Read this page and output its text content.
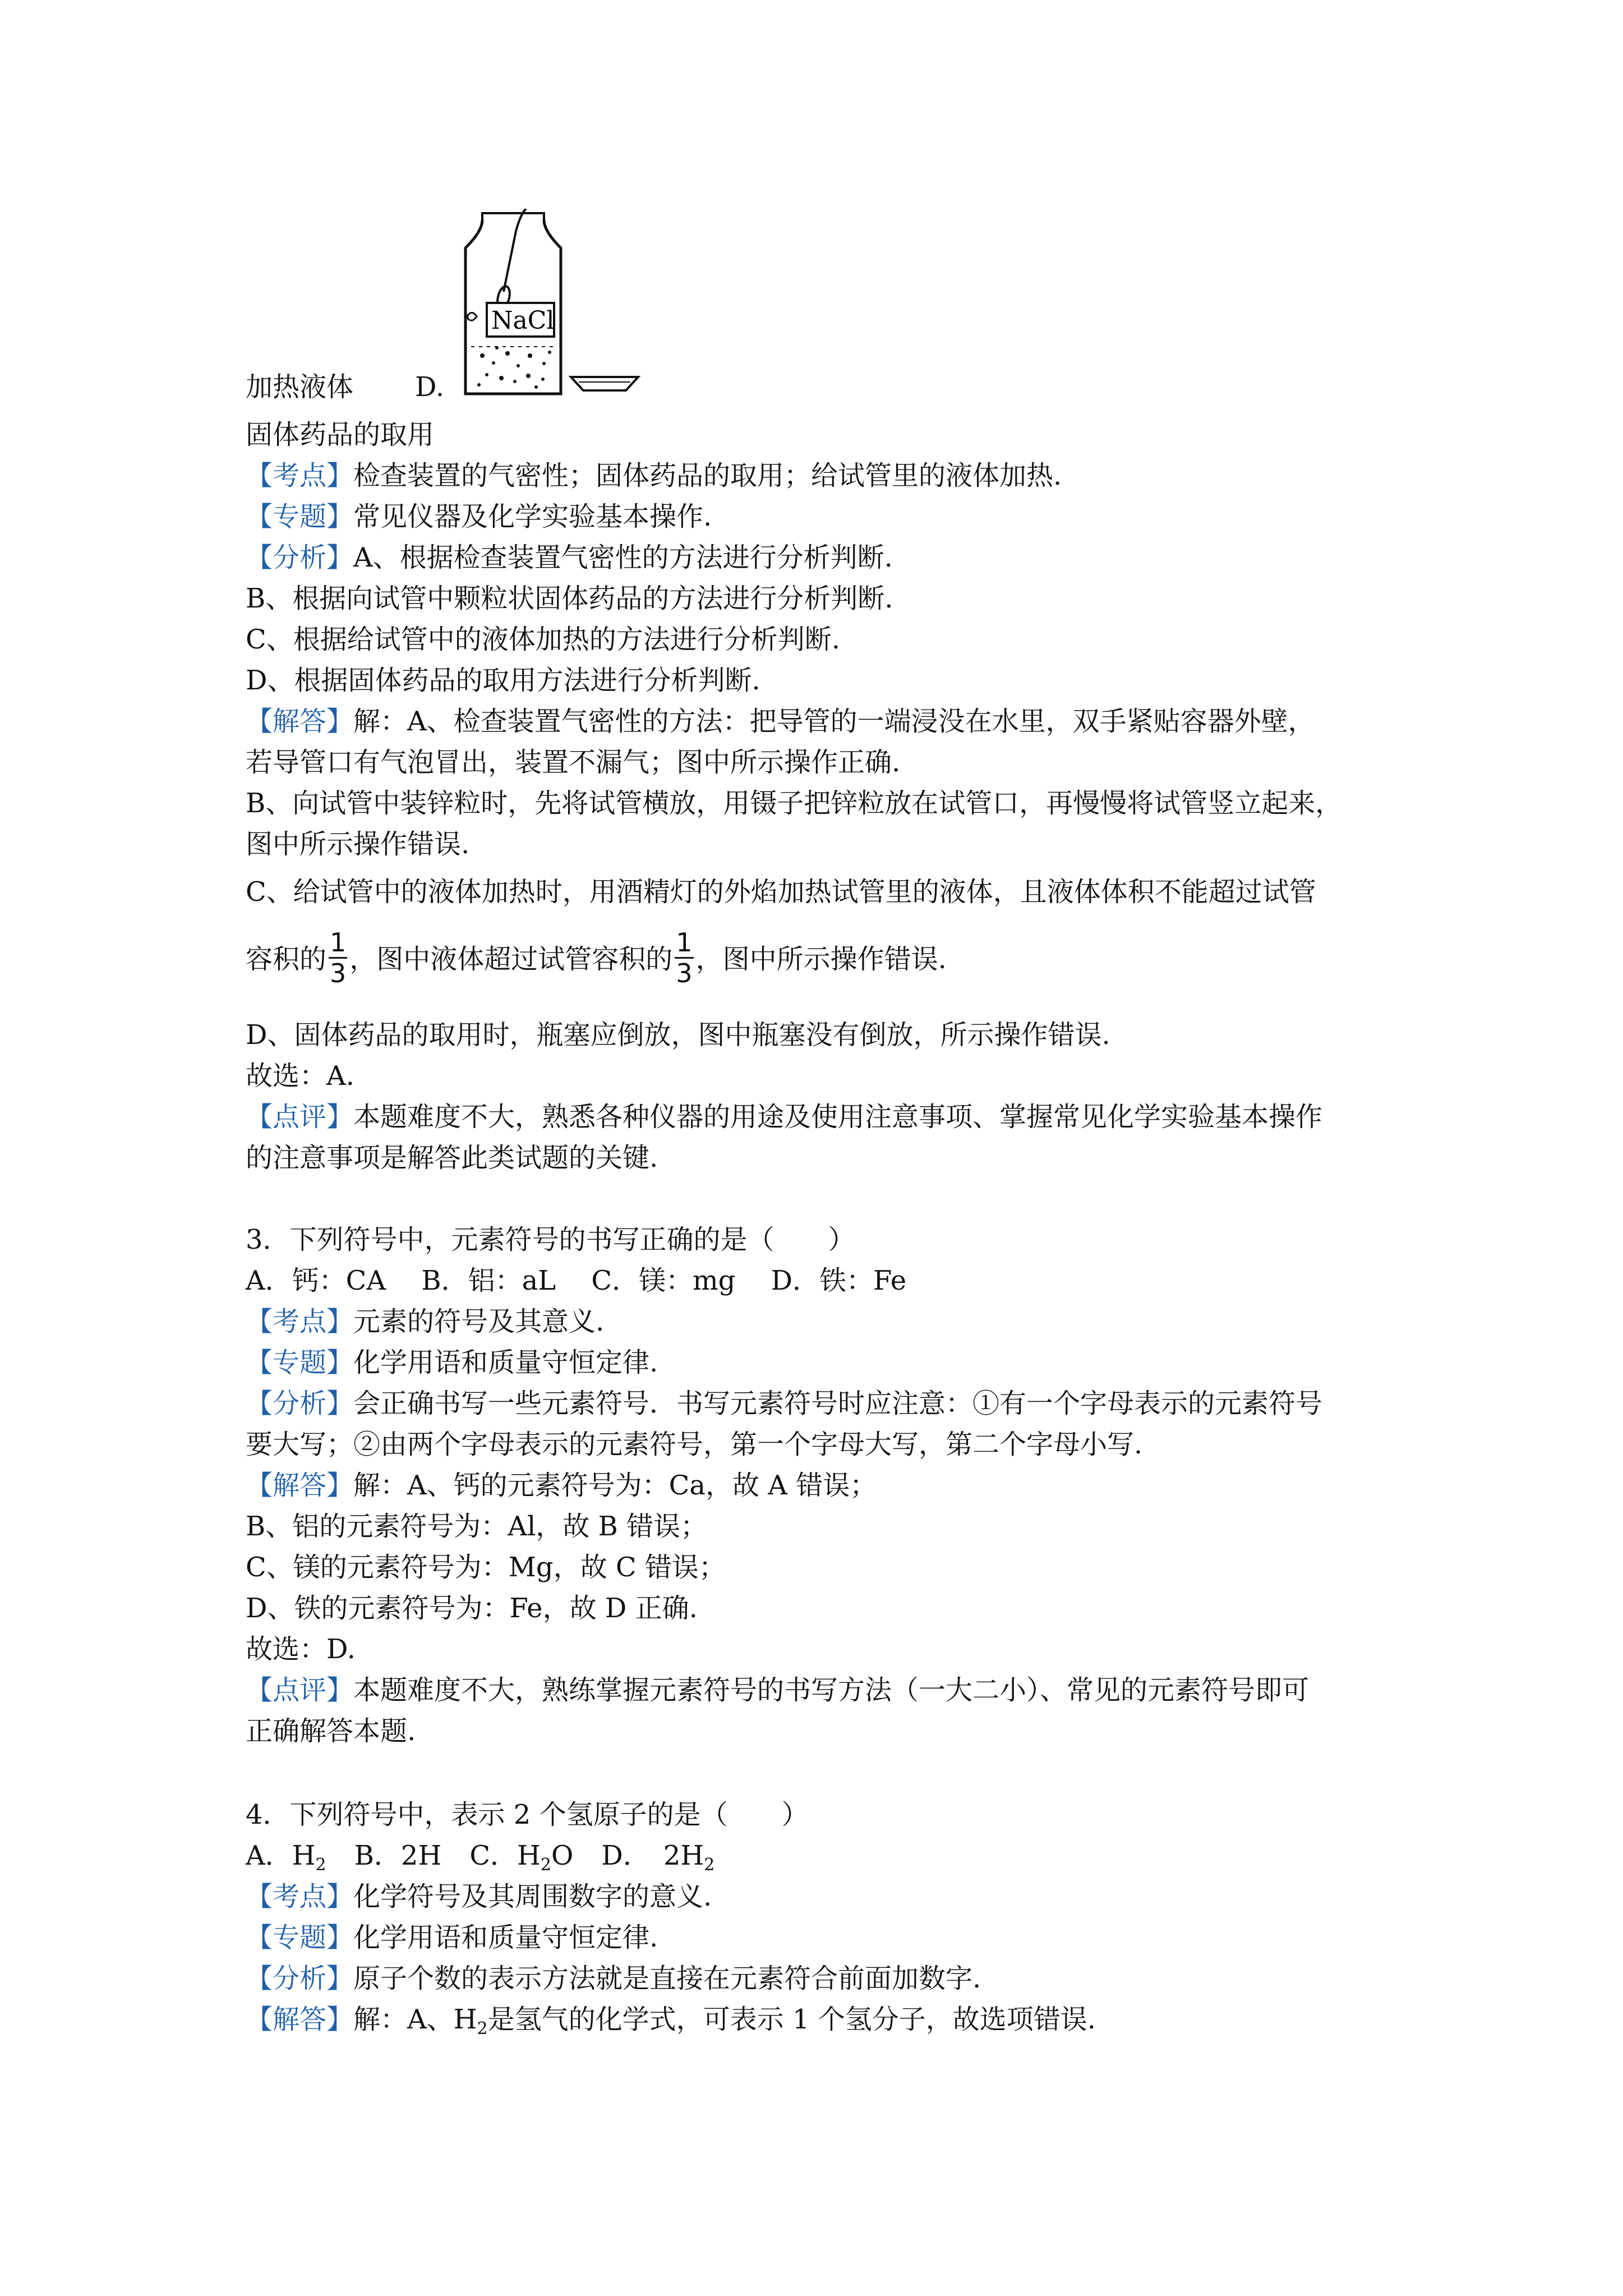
NaCl
加热液体 D.
固体药品的取用
【考点】检查装置的气密性；固体药品的取用；给试管里的液体加热.
【专题】常见仪器及化学实验基本操作.
【分析】A、根据检查装置气密性的方法进行分析判断.
B、根据向试管中颗粒状固体药品的方法进行分析判断.
C、根据给试管中的液体加热的方法进行分析判断.
D、根据固体药品的取用方法进行分析判断.
【解答】解：A、检查装置气密性的方法：把导管的一端浸没在水里，双手紧贴容器外壁，
若导管口有气泡冒出，装置不漏气；图中所示操作正确.
B、向试管中装锌粒时，先将试管横放，用镊子把锌粒放在试管口，再慢慢将试管竖立起来，
图中所示操作错误.
C、给试管中的液体加热时，用酒精灯的外焰加热试管里的液体，且液体体积不能超过试管
容积的 $\frac{1}{3}$ ，图中液体超过试管容积的 $\frac{1}{3}$ ，图中所示操作错误.
D、固体药品的取用时，瓶塞应倒放，图中瓶塞没有倒放，所示操作错误.
故选：A.
【点评】本题难度不大，熟悉各种仪器的用途及使用注意事项、掌握常见化学实验基本操作
的注意事项是解答此类试题的关键.
3．下列符号中，元素符号的书写正确的是（　　）
A．钙：CA　 B．铝：aL　 C．镁：mg　 D．铁：Fe
【考点】元素的符号及其意义.
【专题】化学用语和质量守恒定律.
【分析】会正确书写一些元素符号．书写元素符号时应注意：①有一个字母表示的元素符号
要大写；②由两个字母表示的元素符号，第一个字母大写，第二个字母小写.
【解答】解：A、钙的元素符号为：Ca，故 A 错误；
B、铝的元素符号为：Al，故 B 错误；
C、镁的元素符号为：Mg，故 C 错误；
D、铁的元素符号为：Fe，故 D 正确.
故选：D.
【点评】本题难度不大，熟练掌握元素符号的书写方法（一大二小）、常见的元素符号即可
正确解答本题.
4．下列符号中，表示 2 个氢原子的是（　　）
A．$H_2$ B．2H C．$H_2O$ D．　$2H_2$
【考点】化学符号及其周围数字的意义.
【专题】化学用语和质量守恒定律.
【分析】原子个数的表示方法就是直接在元素符合前面加数字.
【解答】解：A、$H_2$是氢气的化学式，可表示 1 个氢分子，故选项错误.
